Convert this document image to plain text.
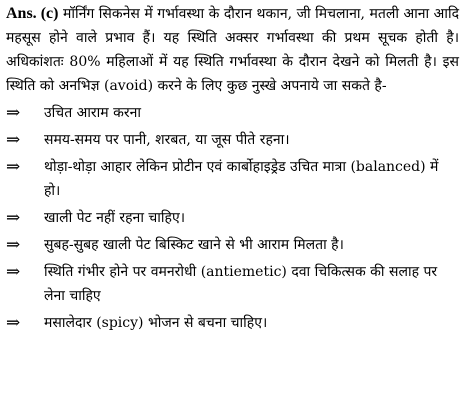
Ans. (c) मॉर्निंग सिकनेस में गर्भावस्था के दौरान थकान, जी मिचलाना, मतली आना आदि महसूस होने वाले प्रभाव हैं। यह स्थिति अक्सर गर्भावस्था की प्रथम सूचक होती है। अधिकांशतः 80% महिलाओं में यह स्थिति गर्भावस्था के दौरान देखने को मिलती है। इस स्थिति को अनभिज्ञ (avoid) करने के लिए कुछ नुस्खे अपनाये जा सकते है-

⇒	उचित आराम करना
⇒	समय-समय पर पानी, शरबत, या जूस पीते रहना।
⇒	थोड़ा-थोड़ा आहार लेकिन प्रोटीन एवं कार्बोहाइड्रेड उचित मात्रा (balanced) में हो।
⇒	खाली पेट नहीं रहना चाहिए।
⇒	सुबह-सुबह खाली पेट बिस्किट खाने से भी आराम मिलता है।
⇒	स्थिति गंभीर होने पर वमनरोधी (antiemetic) दवा चिकित्सक की सलाह पर लेना चाहिए
⇒	मसालेदार (spicy) भोजन से बचना चाहिए।
